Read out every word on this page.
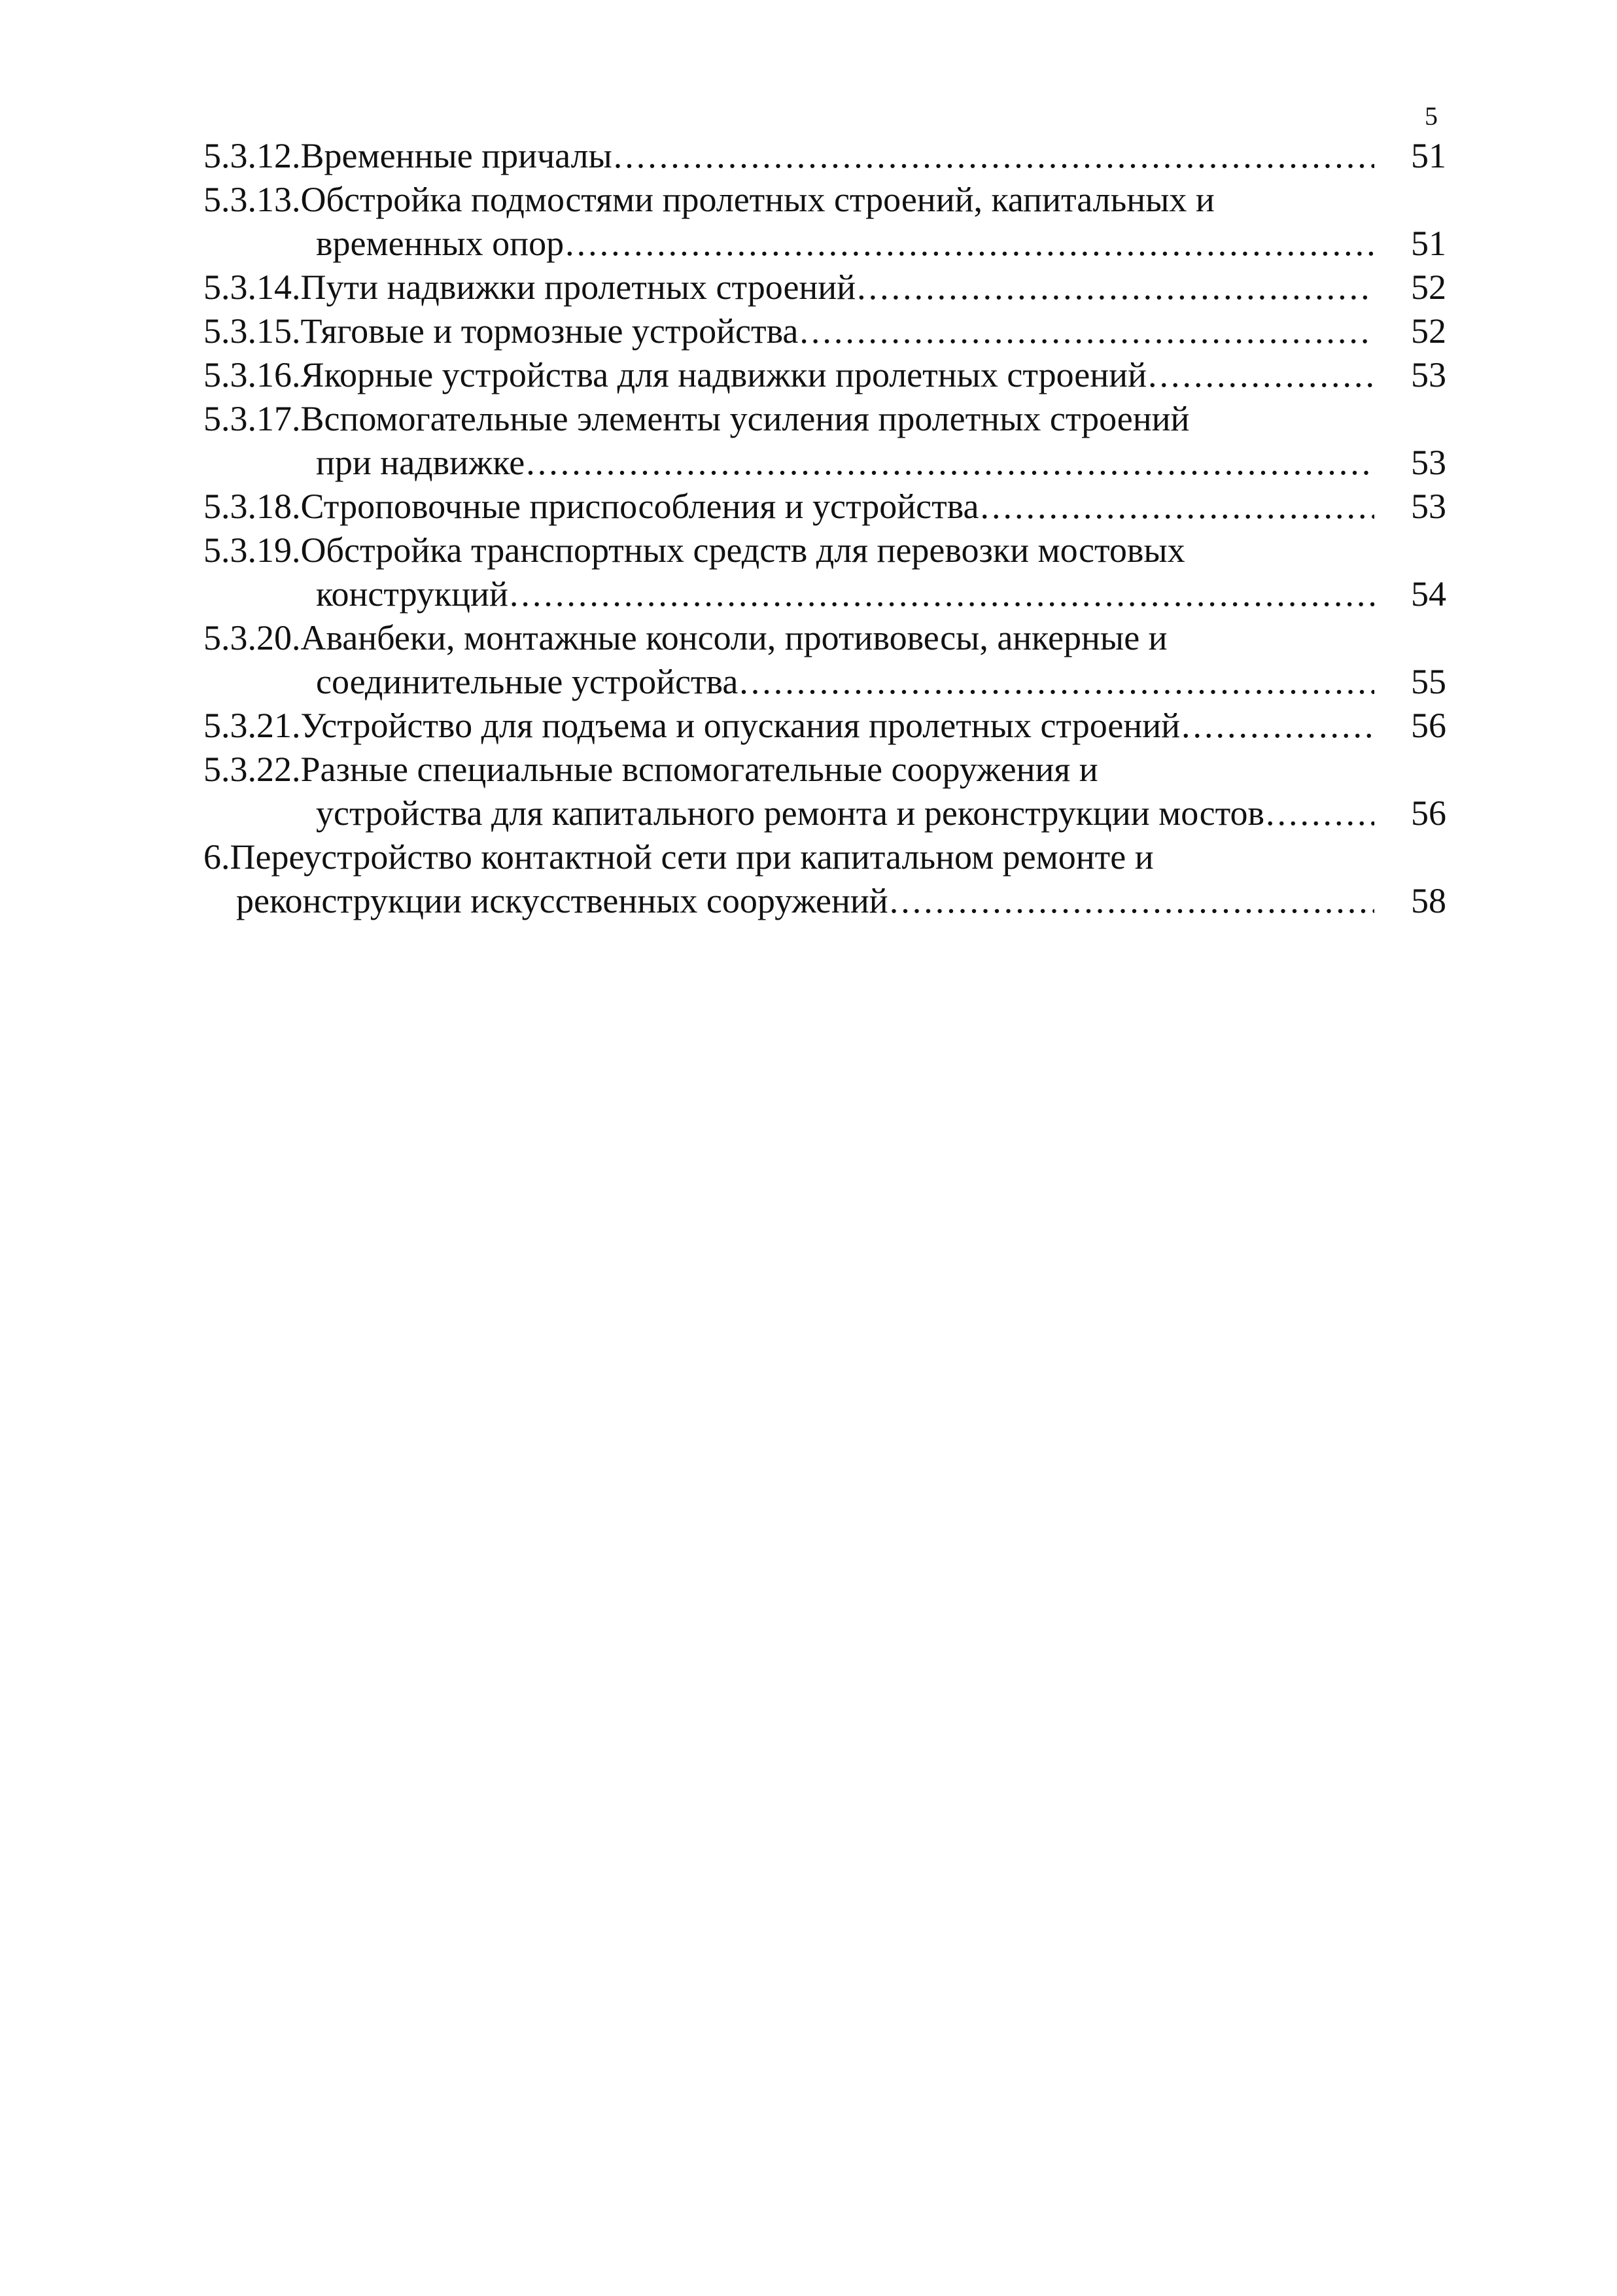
5
5.3.12. Временные причалы .....	51
5.3.13. Обстройка подмостями пролетных строений, капитальных и
временных опор .....	51
5.3.14. Пути надвижки пролетных строений .....	52
5.3.15. Тяговые и тормозные устройства .....	52
5.3.16. Якорные устройства для надвижки пролетных строений .....	53
5.3.17. Вспомогательные элементы усиления пролетных строений
при надвижке .....	53
5.3.18. Строповочные приспособления и устройства .....	53
5.3.19. Обстройка транспортных средств для перевозки мостовых
конструкций .....	54
5.3.20. Аванбеки, монтажные консоли, противовесы, анкерные и
соединительные устройства .....	55
5.3.21. Устройство для подъема и опускания пролетных строений .....	56
5.3.22. Разные специальные вспомогательные сооружения и
устройства для капитального ремонта и реконструкции мостов .....	56
6. Переустройство контактной сети при капитальном ремонте и
реконструкции искусственных сооружений .....	58
